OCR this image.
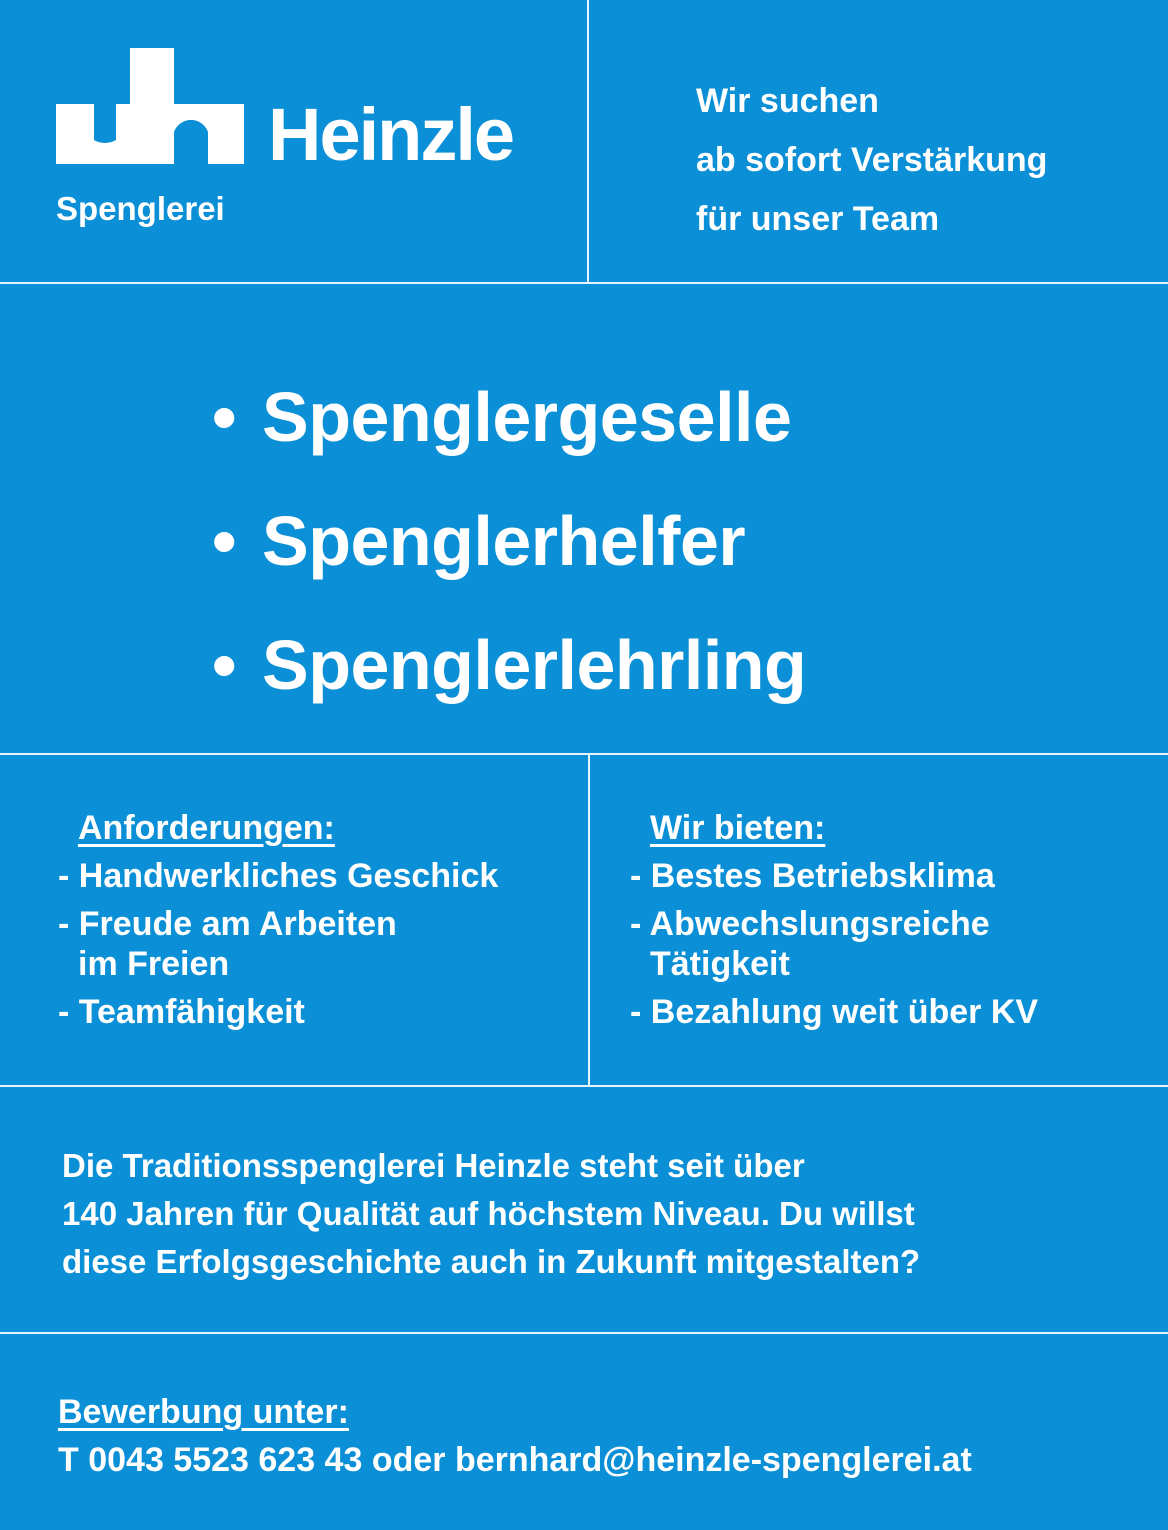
Heinzle
Spenglerei
Wir suchen
ab sofort Verstärkung
für unser Team
• Spenglergeselle
• Spenglerhelfer
• Spenglerlehrling
Anforderungen:
- Handwerkliches Geschick
- Freude am Arbeiten
im Freien
- Teamfähigkeit
Wir bieten:
- Bestes Betriebsklima
- Abwechslungsreiche
Tätigkeit
- Bezahlung weit über KV
Die Traditionsspenglerei Heinzle steht seit über
140 Jahren für Qualität auf höchstem Niveau. Du willst
diese Erfolgsgeschichte auch in Zukunft mitgestalten?
Bewerbung unter:
T 0043 5523 623 43 oder bernhard@heinzle-spenglerei.at
